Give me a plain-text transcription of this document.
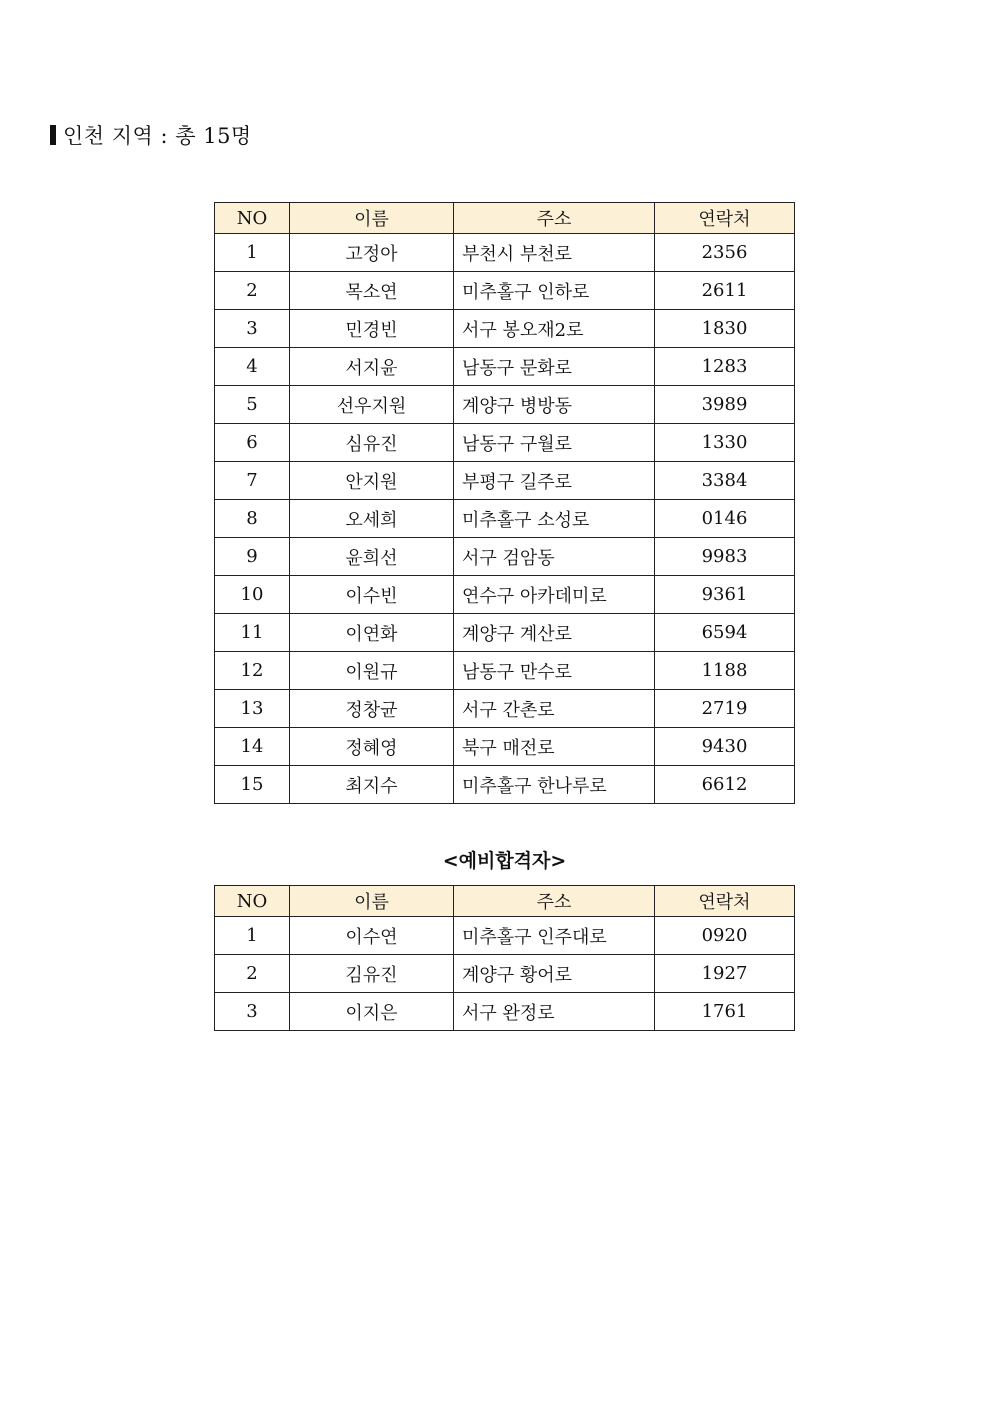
인천 지역 : 총 15명
NO	이름	주소	연락처
1	고정아	부천시 부천로	2356
2	목소연	미추홀구 인하로	2611
3	민경빈	서구 봉오재2로	1830
4	서지윤	남동구 문화로	1283
5	선우지원	계양구 병방동	3989
6	심유진	남동구 구월로	1330
7	안지원	부평구 길주로	3384
8	오세희	미추홀구 소성로	0146
9	윤희선	서구 검암동	9983
10	이수빈	연수구 아카데미로	9361
11	이연화	계양구 계산로	6594
12	이원규	남동구 만수로	1188
13	정창균	서구 간촌로	2719
14	정혜영	북구 매전로	9430
15	최지수	미추홀구 한나루로	6612
<예비합격자>
NO	이름	주소	연락처
1	이수연	미추홀구 인주대로	0920
2	김유진	계양구 황어로	1927
3	이지은	서구 완정로	1761
